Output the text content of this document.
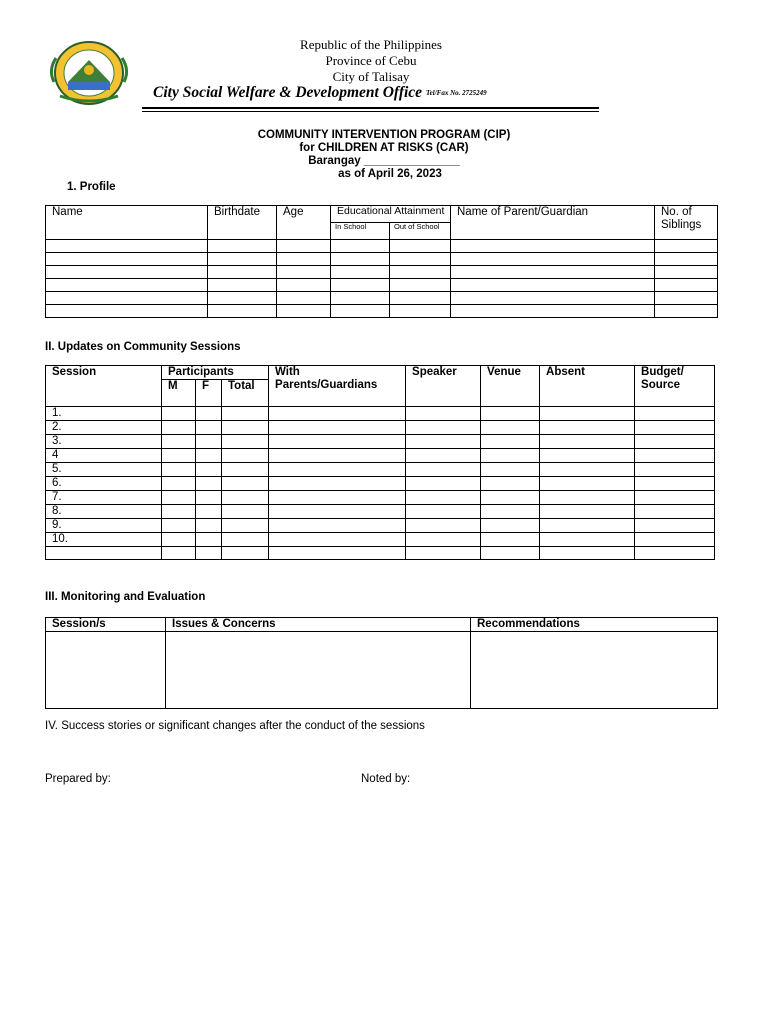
Republic of the Philippines
Province of Cebu
City of Talisay
City Social Welfare & Development Office Tel/Fax No. 2725249
COMMUNITY INTERVENTION PROGRAM (CIP)
for CHILDREN AT RISKS (CAR)
Barangay _______________
as of April 26, 2023
1. Profile
Name	Birthdate	Age	Educational Attainment		Name of Parent/Guardian	No. of Siblings
			In School	Out of School		

II. Updates on Community Sessions
Session	Participants			With Parents/Guardians	Speaker	Venue	Absent	Budget/ Source
	M	F	Total					
1.								
2.								
3.								
4								
5.								
6.								
7.								
8.								
9.								
10.								

III. Monitoring and Evaluation
Session/s	Issues & Concerns	Recommendations

IV. Success stories or significant changes after the conduct of the sessions
Prepared by:	Noted by:
